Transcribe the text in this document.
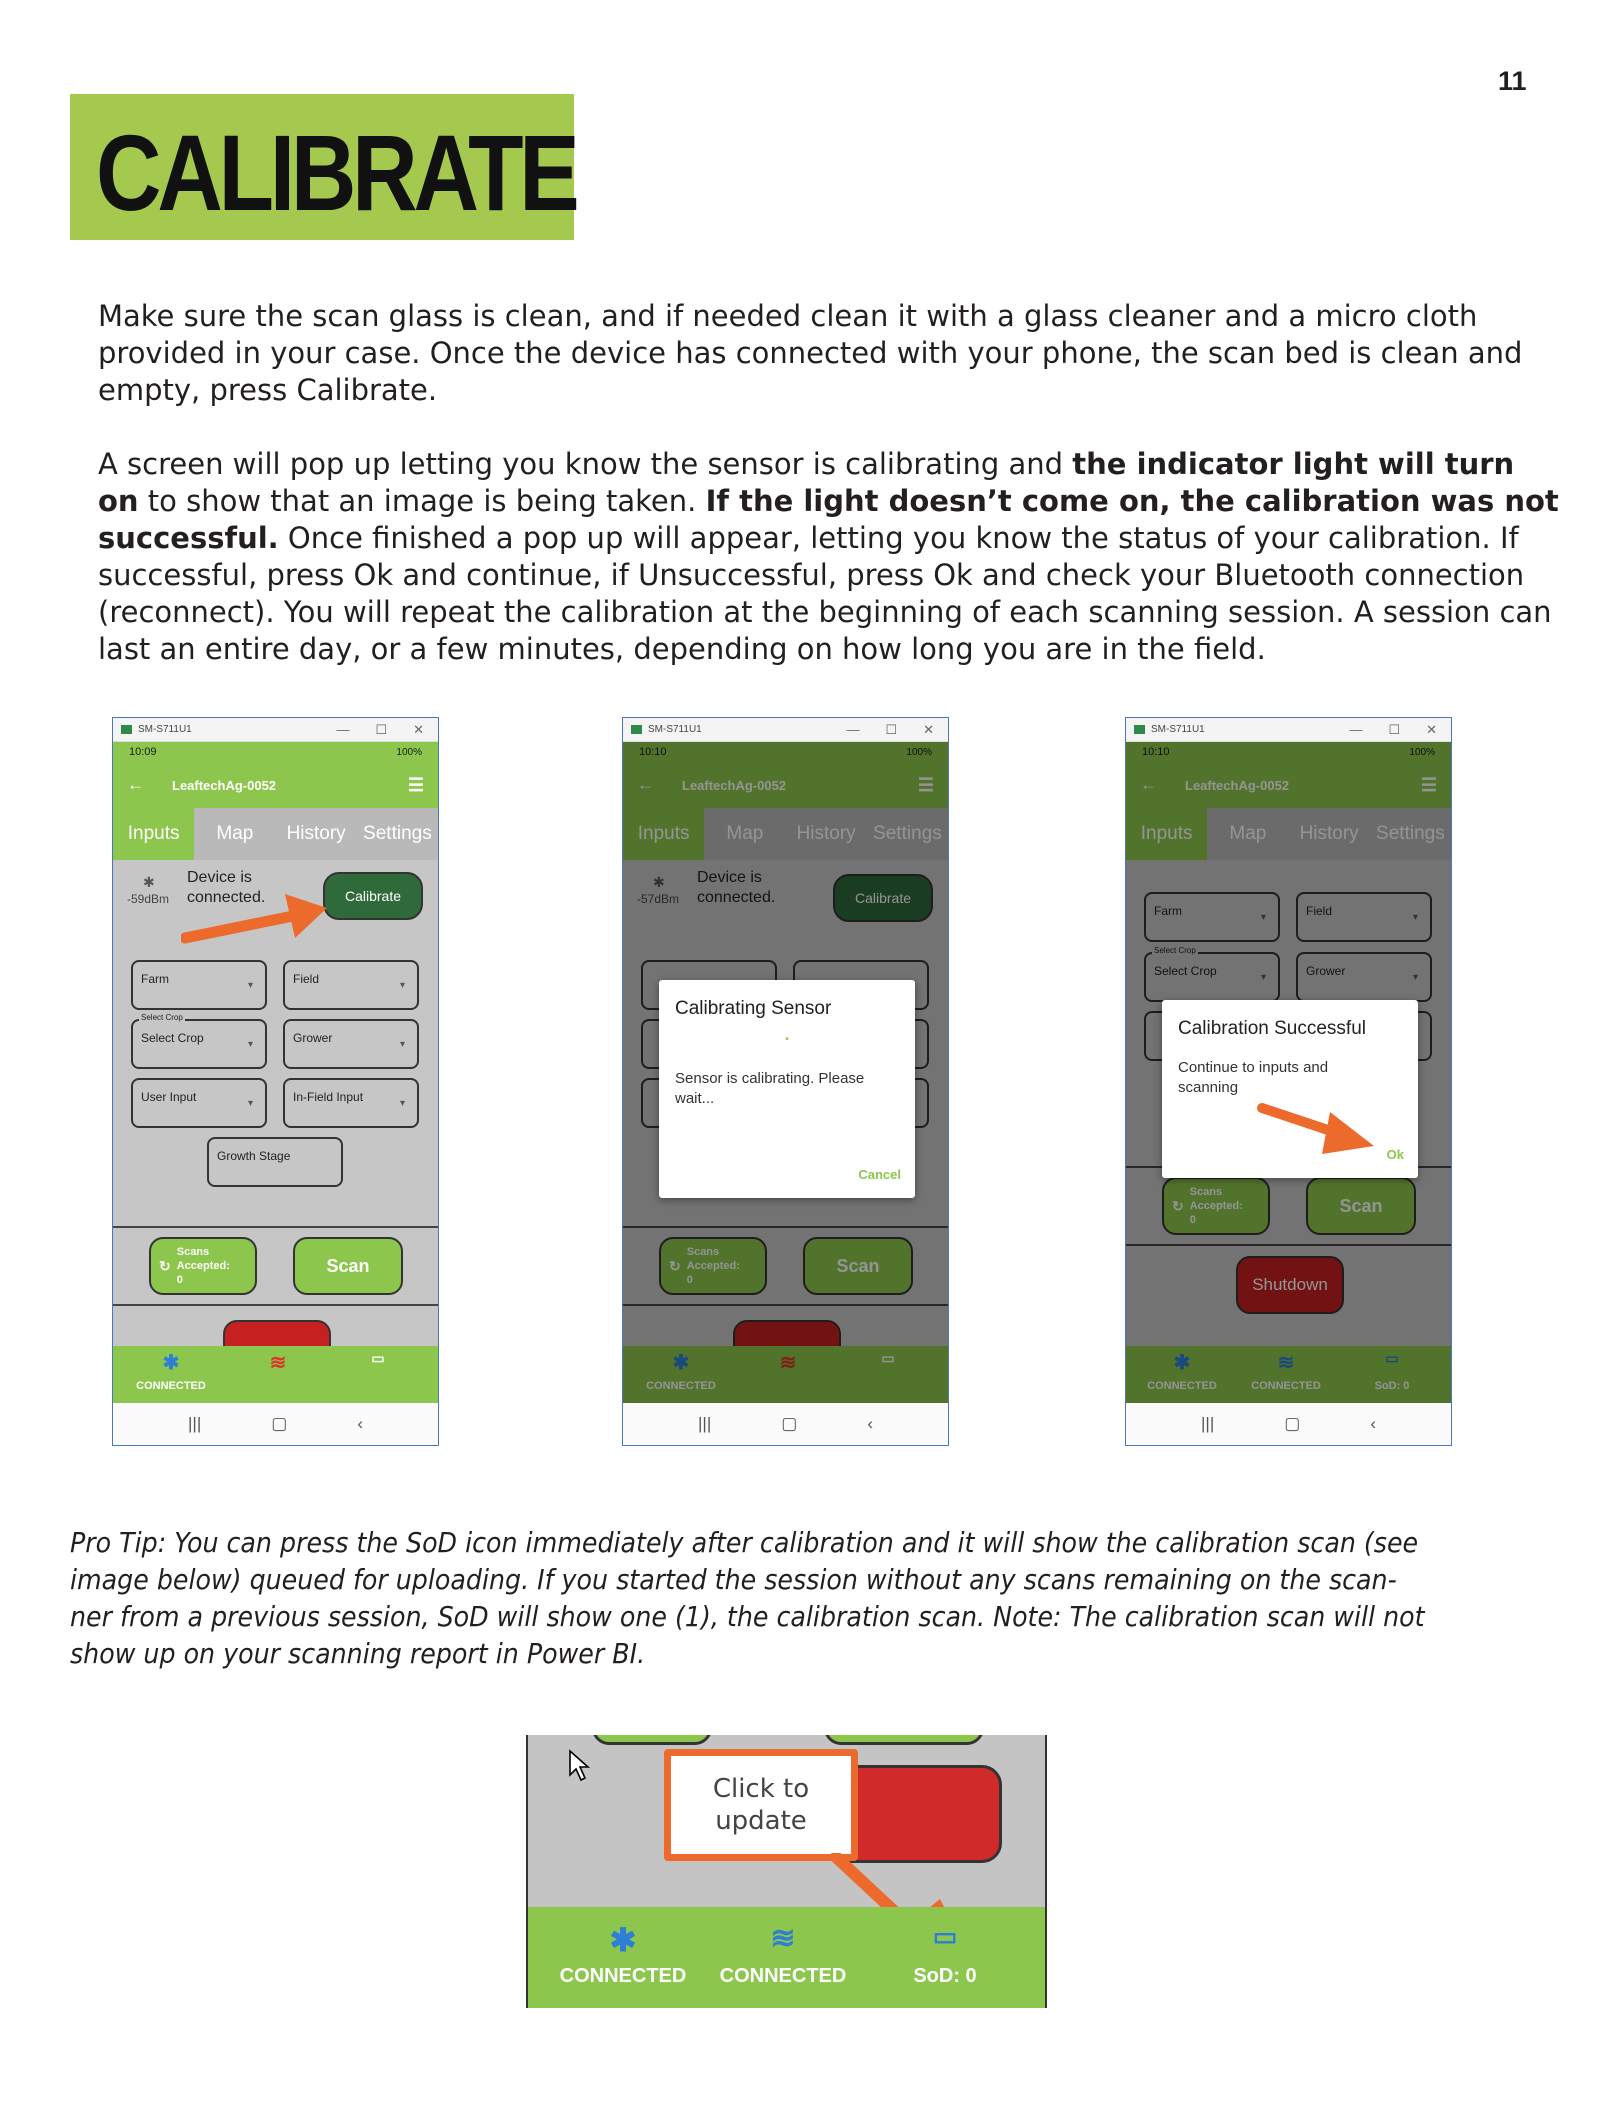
11
CALIBRATE
Make sure the scan glass is clean, and if needed clean it with a glass cleaner and a micro cloth
provided in your case. Once the device has connected with your phone, the scan bed is clean and
empty, press Calibrate.
A screen will pop up letting you know the sensor is calibrating and the indicator light will turn
on to show that an image is being taken. If the light doesn’t come on, the calibration was not
successful. Once finished a pop up will appear, letting you know the status of your calibration. If
successful, press Ok and continue, if Unsuccessful, press Ok and check your Bluetooth connection
(reconnect). You will repeat the calibration at the beginning of each scanning session. A session can
last an entire day, or a few minutes, depending on how long you are in the field.
SM-S711U1	— ☐ ✕
10:09	100%
← LeaftechAg-0052	☰
Inputs	Map	History Settings
✱
-59dBm
Device is connected.	Calibrate
Farm	▾	Field	▾
Select Crop	▾
Select Crop
Grower	▾
User Input	▾	In-Field Input	▾
Growth Stage
↻
Scans Accepted: 0
Scan
✱
CONNECTED
≋	▭
|||	▢	‹
SM-S711U1	— ☐ ✕
10:10	100%
← LeaftechAg-0052	☰
Inputs	Map	History Settings
✱
-57dBm
Device is connected.	Calibrate
↻
Scans Accepted: 0
Scan
✱
CONNECTED
≋	▭
|||	▢	‹
Calibrating Sensor
•
Sensor is calibrating. Please wait...
Cancel
SM-S711U1	— ☐ ✕
10:10	100%
← LeaftechAg-0052	☰
Inputs	Map	History Settings
Farm	▾	Field	▾
Select Crop	▾
Select Crop
Grower	▾
↻
Scans Accepted: 0
Scan
Shutdown
✱
CONNECTED
≋
CONNECTED
▭
SoD: 0
|||	▢	‹
Calibration Successful
Continue to inputs and scanning
Ok
Pro Tip: You can press the SoD icon immediately after calibration and it will show the calibration scan (see
image below) queued for uploading. If you started the session without any scans remaining on the scan-
ner from a previous session, SoD will show one (1), the calibration scan. Note: The calibration scan will not
show up on your scanning report in Power BI.
Click to update
✱
CONNECTED
≋
CONNECTED
▭
SoD: 0
